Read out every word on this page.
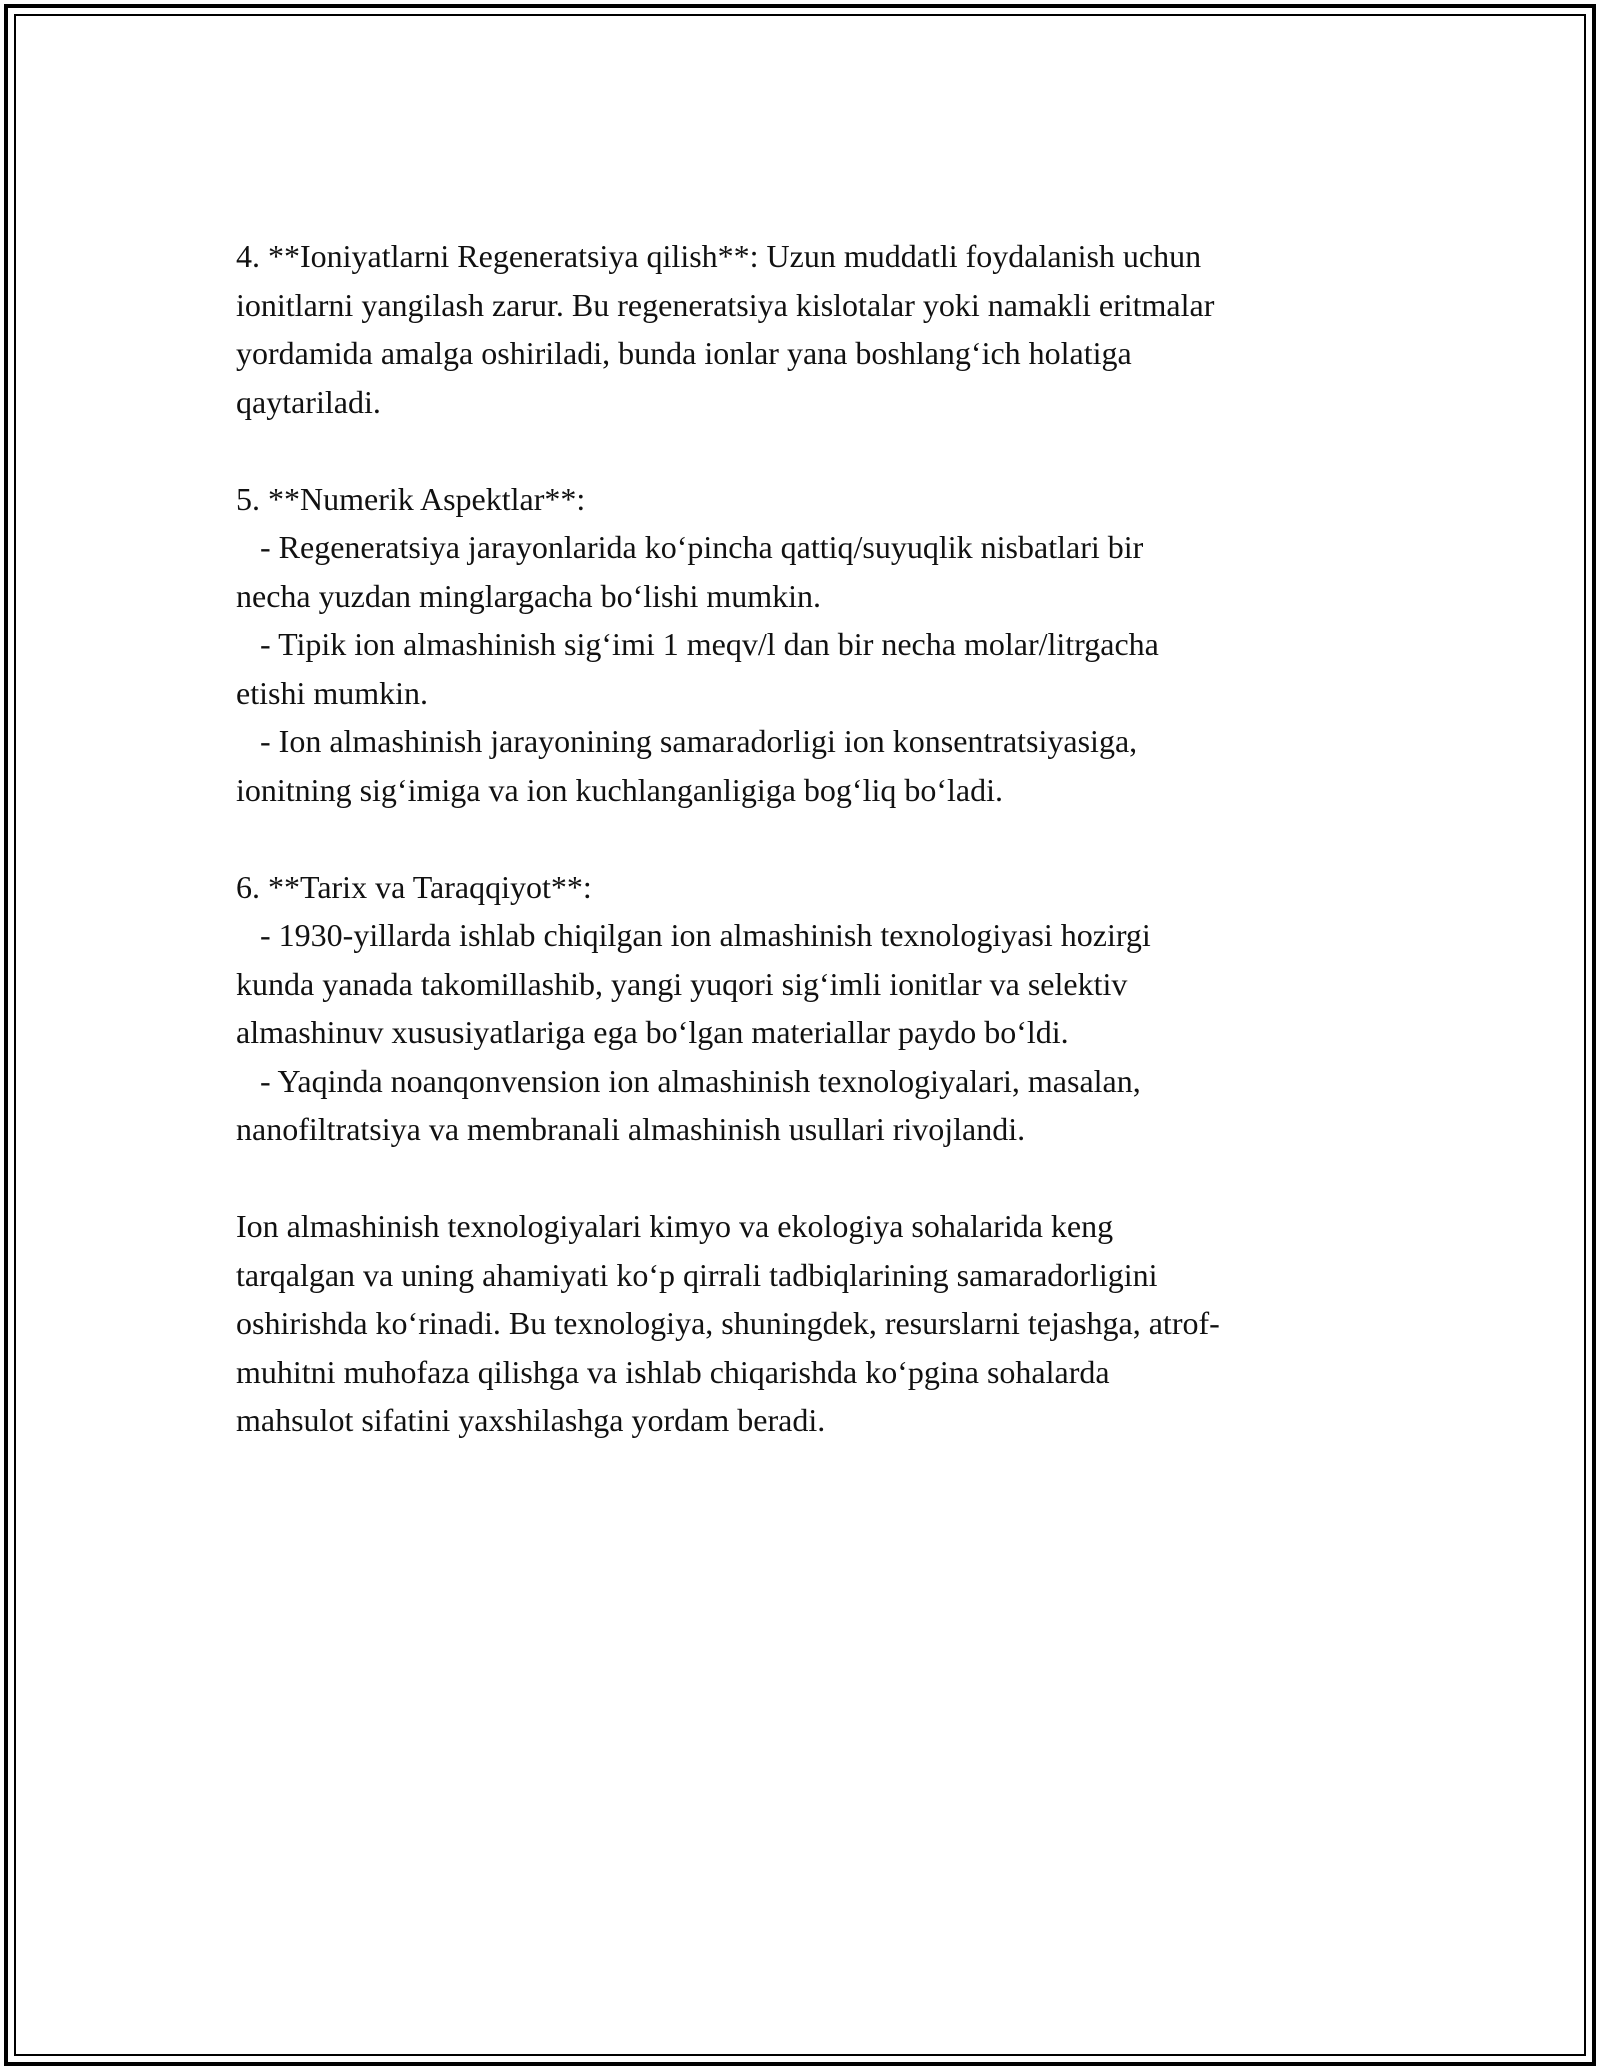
4. **Ioniyatlarni Regeneratsiya qilish**: Uzun muddatli foydalanish uchun
ionitlarni yangilash zarur. Bu regeneratsiya kislotalar yoki namakli eritmalar
yordamida amalga oshiriladi, bunda ionlar yana boshlang‘ich holatiga
qaytariladi.
5. **Numerik Aspektlar**:
- Regeneratsiya jarayonlarida ko‘pincha qattiq/suyuqlik nisbatlari bir
necha yuzdan minglargacha bo‘lishi mumkin.
- Tipik ion almashinish sig‘imi 1 meqv/l dan bir necha molar/litrgacha
etishi mumkin.
- Ion almashinish jarayonining samaradorligi ion konsentratsiyasiga,
ionitning sig‘imiga va ion kuchlanganligiga bog‘liq bo‘ladi.
6. **Tarix va Taraqqiyot**:
- 1930-yillarda ishlab chiqilgan ion almashinish texnologiyasi hozirgi
kunda yanada takomillashib, yangi yuqori sig‘imli ionitlar va selektiv
almashinuv xususiyatlariga ega bo‘lgan materiallar paydo bo‘ldi.
- Yaqinda noanqonvension ion almashinish texnologiyalari, masalan,
nanofiltratsiya va membranali almashinish usullari rivojlandi.
Ion almashinish texnologiyalari kimyo va ekologiya sohalarida keng
tarqalgan va uning ahamiyati ko‘p qirrali tadbiqlarining samaradorligini
oshirishda ko‘rinadi. Bu texnologiya, shuningdek, resurslarni tejashga, atrof-
muhitni muhofaza qilishga va ishlab chiqarishda ko‘pgina sohalarda
mahsulot sifatini yaxshilashga yordam beradi.
